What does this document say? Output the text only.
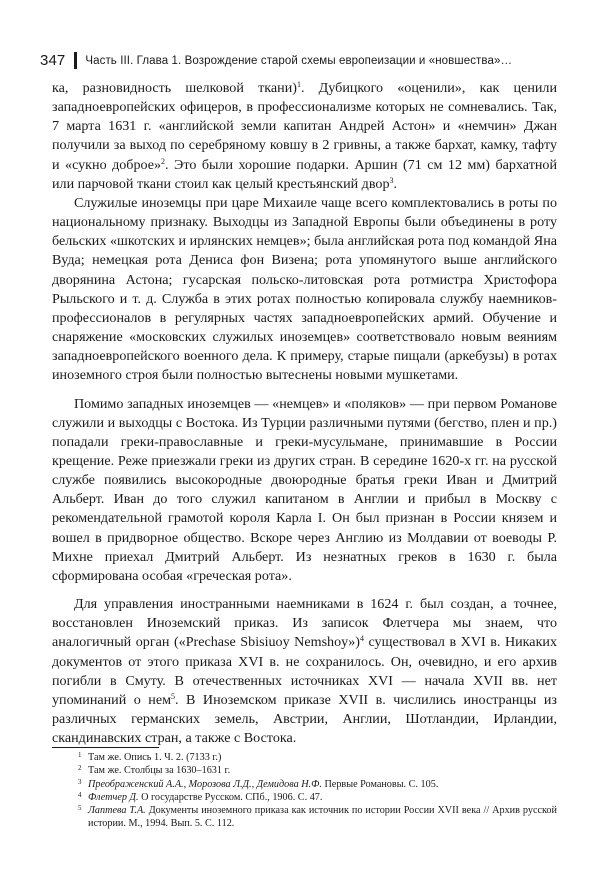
347 Часть III. Глава 1. Возрождение старой схемы европеизации и «новшества»…

ка, разновидность шелковой ткани)$^1$. Дубицкого «оценили», как ценили западноевропейских офицеров, в профессионализме которых не сомневались. Так, 7 марта 1631 г. «английской земли капитан Андрей Астон» и «немчин» Джан получили за выход по серебряному ковшу в 2 гривны, а также бархат, камку, тафту и «сукно доброе»$^2$. Это были хорошие подарки. Аршин (71 см 12 мм) бархатной или парчовой ткани стоил как целый крестьянский двор$^3$.

Служилые иноземцы при царе Михаиле чаще всего комплектовались в роты по национальному признаку. Выходцы из Западной Европы были объединены в роту бельских «шкотских и ирлянских немцев»; была английская рота под командой Яна Вуда; немецкая рота Дениса фон Визена; рота упомянутого выше английского дворянина Астона; гусарская польско-литовская рота ротмистра Христофора Рыльского и т. д. Служба в этих ротах полностью копировала службу наемников-профессионалов в регулярных частях западноевропейских армий. Обучение и снаряжение «московских служилых иноземцев» соответствовало новым веяниям западноевропейского военного дела. К примеру, старые пищали (аркебузы) в ротах иноземного строя были полностью вытеснены новыми мушкетами.

Помимо западных иноземцев — «немцев» и «поляков» — при первом Романове служили и выходцы с Востока. Из Турции различными путями (бегство, плен и пр.) попадали греки-православные и греки-мусульмане, принимавшие в России крещение. Реже приезжали греки из других стран. В середине 1620-х гг. на русской службе появились высокородные двоюродные братья греки Иван и Дмитрий Альберт. Иван до того служил капитаном в Англии и прибыл в Москву с рекомендательной грамотой короля Карла I. Он был признан в России князем и вошел в придворное общество. Вскоре через Англию из Молдавии от воеводы Р. Михне приехал Дмитрий Альберт. Из незнатных греков в 1630 г. была сформирована особая «греческая рота».

Для управления иностранными наемниками в 1624 г. был создан, а точнее, восстановлен Иноземский приказ. Из записок Флетчера мы знаем, что аналогичный орган («Prechase Sbisiuoy Nemshoy»)$^4$ существовал в XVI в. Никаких документов от этого приказа XVI в. не сохранилось. Он, очевидно, и его архив погибли в Смуту. В отечественных источниках XVI — начала XVII вв. нет упоминаний о нем$^5$. В Иноземском приказе XVII в. числились иностранцы из различных германских земель, Австрии, Англии, Шотландии, Ирландии, скандинавских стран, а также с Востока.

1 Там же. Опись 1. Ч. 2. (7133 г.)
2 Там же. Столбцы за 1630–1631 г.
3 Преображенский А.А., Морозова Л.Д., Демидова Н.Ф. Первые Романовы. С. 105.
4 Флетчер Д. О государстве Русском. СПб., 1906. С. 47.
5 Лаптева Т.А. Документы иноземного приказа как источник по истории России XVII века // Архив русской истории. М., 1994. Вып. 5. С. 112.
